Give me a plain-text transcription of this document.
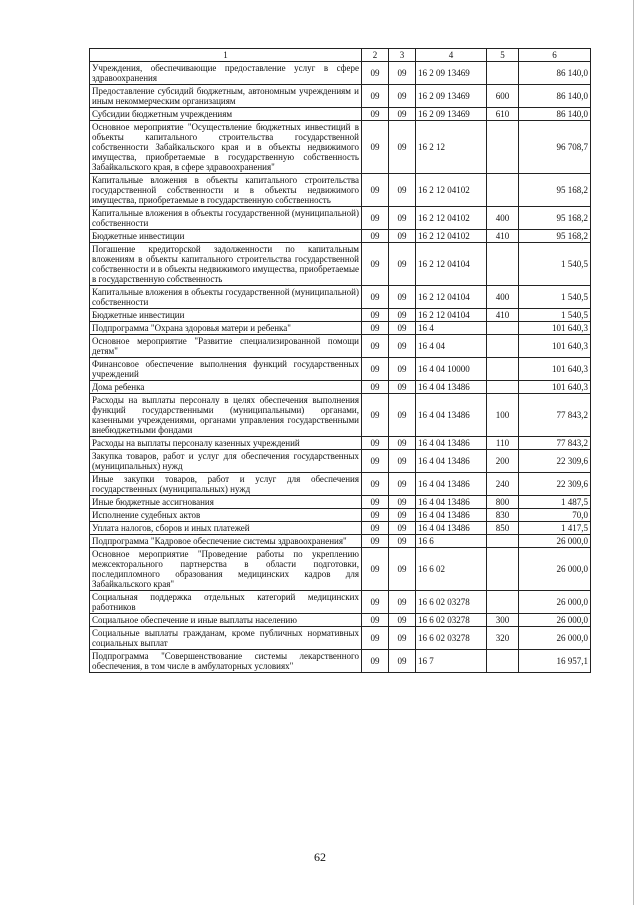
1	2	3	4	5	6
Учреждения, обеспечивающие предоставление услуг в сфере здравоохранения	09	09	16 2 09 13469		86 140,0
Предоставление субсидий бюджетным, автономным учреждениям и иным некоммерческим организациям	09	09	16 2 09 13469	600	86 140,0
Субсидии бюджетным учреждениям	09	09	16 2 09 13469	610	86 140,0
Основное мероприятие "Осуществление бюджетных инвестиций в объекты капитального строительства государственной собственности Забайкальского края и в объекты недвижимого имущества, приобретаемые в государственную собственность Забайкальского края, в сфере здравоохранения"	09	09	16 2 12		96 708,7
Капитальные вложения в объекты капитального строительства государственной собственности и в объекты недвижимого имущества, приобретаемые в государственную собственность	09	09	16 2 12 04102		95 168,2
Капитальные вложения в объекты государственной (муниципальной) собственности	09	09	16 2 12 04102	400	95 168,2
Бюджетные инвестиции	09	09	16 2 12 04102	410	95 168,2
Погашение кредиторской задолженности по капитальным вложениям в объекты капитального строительства государственной собственности и в объекты недвижимого имущества, приобретаемые в государственную собственность	09	09	16 2 12 04104		1 540,5
Капитальные вложения в объекты государственной (муниципальной) собственности	09	09	16 2 12 04104	400	1 540,5
Бюджетные инвестиции	09	09	16 2 12 04104	410	1 540,5
Подпрограмма "Охрана здоровья матери и ребенка"	09	09	16 4		101 640,3
Основное мероприятие "Развитие специализированной помощи детям"	09	09	16 4 04		101 640,3
Финансовое обеспечение выполнения функций государственных учреждений	09	09	16 4 04 10000		101 640,3
Дома ребенка	09	09	16 4 04 13486		101 640,3
Расходы на выплаты персоналу в целях обеспечения выполнения функций государственными (муниципальными) органами, казенными учреждениями, органами управления государственными внебюджетными фондами	09	09	16 4 04 13486	100	77 843,2
Расходы на выплаты персоналу казенных учреждений	09	09	16 4 04 13486	110	77 843,2
Закупка товаров, работ и услуг для обеспечения государственных (муниципальных) нужд	09	09	16 4 04 13486	200	22 309,6
Иные закупки товаров, работ и услуг для обеспечения государственных (муниципальных) нужд	09	09	16 4 04 13486	240	22 309,6
Иные бюджетные ассигнования	09	09	16 4 04 13486	800	1 487,5
Исполнение судебных актов	09	09	16 4 04 13486	830	70,0
Уплата налогов, сборов и иных платежей	09	09	16 4 04 13486	850	1 417,5
Подпрограмма "Кадровое обеспечение системы здравоохранения"	09	09	16 6		26 000,0
Основное мероприятие "Проведение работы по укреплению межсекторального партнерства в области подготовки, последипломного образования медицинских кадров для Забайкальского края"	09	09	16 6 02		26 000,0
Социальная поддержка отдельных категорий медицинских работников	09	09	16 6 02 03278		26 000,0
Социальное обеспечение и иные выплаты населению	09	09	16 6 02 03278	300	26 000,0
Социальные выплаты гражданам, кроме публичных нормативных социальных выплат	09	09	16 6 02 03278	320	26 000,0
Подпрограмма "Совершенствование системы лекарственного обеспечения, в том числе в амбулаторных условиях"	09	09	16 7		16 957,1
62
